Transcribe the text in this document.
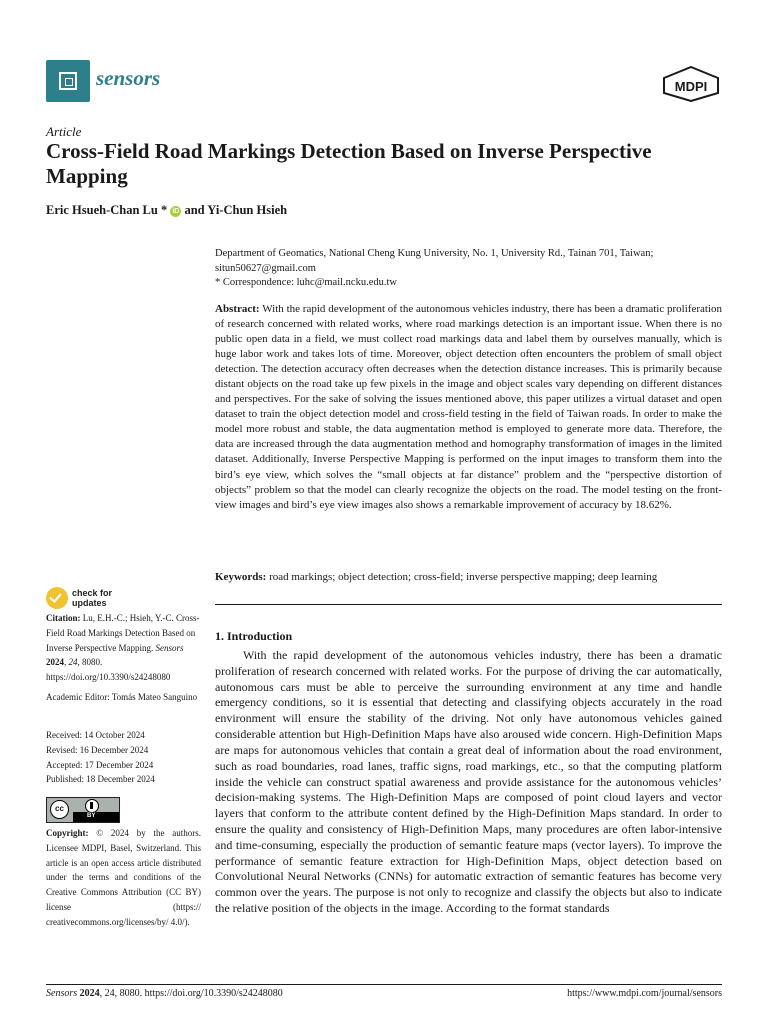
sensors	MDPI
Article
Cross-Field Road Markings Detection Based on Inverse Perspective Mapping
Eric Hsueh-Chan Lu * iD and Yi-Chun Hsieh
Department of Geomatics, National Cheng Kung University, No. 1, University Rd., Tainan 701, Taiwan;
situn50627@gmail.com
* Correspondence: luhc@mail.ncku.edu.tw
Abstract: With the rapid development of the autonomous vehicles industry, there has been a dramatic proliferation of research concerned with related works, where road markings detection is an important issue. When there is no public open data in a field, we must collect road markings data and label them by ourselves manually, which is huge labor work and takes lots of time. Moreover, object detection often encounters the problem of small object detection. The detection accuracy often decreases when the detection distance increases. This is primarily because distant objects on the road take up few pixels in the image and object scales vary depending on different distances and perspectives. For the sake of solving the issues mentioned above, this paper utilizes a virtual dataset and open dataset to train the object detection model and cross-field testing in the field of Taiwan roads. In order to make the model more robust and stable, the data augmentation method is employed to generate more data. Therefore, the data are increased through the data augmentation method and homography transformation of images in the limited dataset. Additionally, Inverse Perspective Mapping is performed on the input images to transform them into the bird’s eye view, which solves the “small objects at far distance” problem and the “perspective distortion of objects” problem so that the model can clearly recognize the objects on the road. The model testing on the front-view images and bird’s eye view images also shows a remarkable improvement of accuracy by 18.62%.
Keywords: road markings; object detection; cross-field; inverse perspective mapping; deep learning
check for
updates
Citation: Lu, E.H.-C.; Hsieh, Y.-C. Cross-Field Road Markings Detection Based on Inverse Perspective Mapping. Sensors 2024, 24, 8080. https://doi.org/10.3390/s24248080
Academic Editor: Tomás Mateo Sanguino
Received: 14 October 2024
Revised: 16 December 2024
Accepted: 17 December 2024
Published: 18 December 2024
cc
BY
Copyright: © 2024 by the authors. Licensee MDPI, Basel, Switzerland. This article is an open access article distributed under the terms and conditions of the Creative Commons Attribution (CC BY) license (https:// creativecommons.org/licenses/by/ 4.0/).
1. Introduction

With the rapid development of the autonomous vehicles industry, there has been a dramatic proliferation of research concerned with related works. For the purpose of driving the car automatically, autonomous cars must be able to perceive the surrounding environment at any time and handle emergency conditions, so it is essential that detecting and classifying objects accurately in the road environment will ensure the stability of the driving. Not only have autonomous vehicles gained considerable attention but High-Definition Maps have also aroused wide concern. High-Definition Maps are maps for autonomous vehicles that contain a great deal of information about the road environment, such as road boundaries, road lanes, traffic signs, road markings, etc., so that the computing platform inside the vehicle can construct spatial awareness and provide assistance for the autonomous vehicles’ decision-making systems. The High-Definition Maps are composed of point cloud layers and vector layers that conform to the attribute content defined by the High-Definition Maps standard. In order to ensure the quality and consistency of High-Definition Maps, many procedures are often labor-intensive and time-consuming, especially the production of semantic feature maps (vector layers). To improve the performance of semantic feature extraction for High-Definition Maps, object detection based on Convolutional Neural Networks (CNNs) for automatic extraction of semantic features has become very common over the years. The purpose is not only to recognize and classify the objects but also to indicate the relative position of the objects in the image. According to the format standards

Sensors 2024, 24, 8080. https://doi.org/10.3390/s24248080	https://www.mdpi.com/journal/sensors
